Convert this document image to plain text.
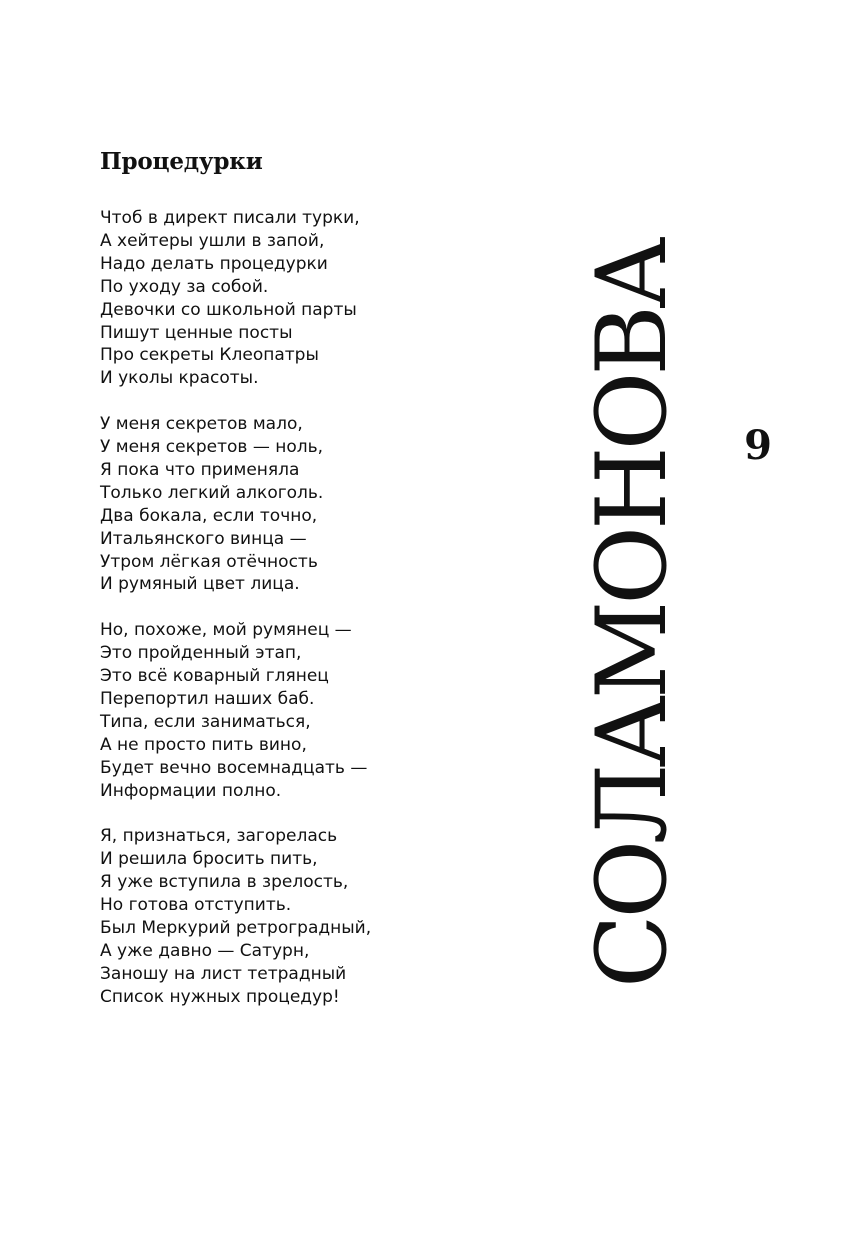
Процедурки
Чтоб в директ писали турки,
А хейтеры ушли в запой,
Надо делать процедурки
По уходу за собой.
Девочки со школьной парты
Пишут ценные посты
Про секреты Клеопатры
И уколы красоты.
У меня секретов мало,
У меня секретов — ноль,
Я пока что применяла
Только легкий алкоголь.
Два бокала, если точно,
Итальянского винца —
Утром лёгкая отёчность
И румяный цвет лица.
Но, похоже, мой румянец —
Это пройденный этап,
Это всё коварный глянец
Перепортил наших баб.
Типа, если заниматься,
А не просто пить вино,
Будет вечно восемнадцать —
Информации полно.
Я, признаться, загорелась
И решила бросить пить,
Я уже вступила в зрелость,
Но готова отступить.
Был Меркурий ретроградный,
А уже давно — Сатурн,
Заношу на лист тетрадный
Список нужных процедур!
СОЛАМОНОВА 9
